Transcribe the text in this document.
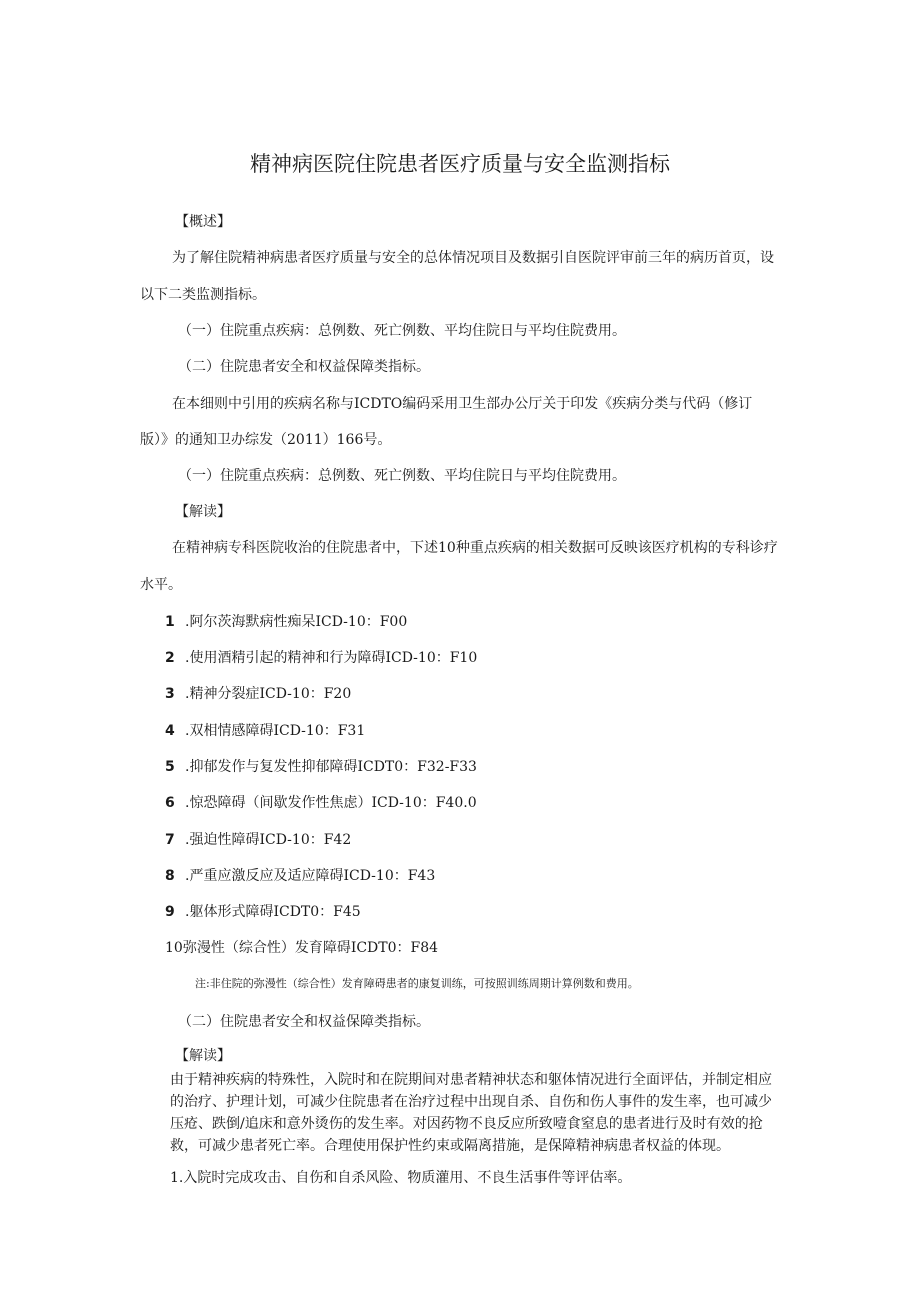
精神病医院住院患者医疗质量与安全监测指标
【概述】
为了解住院精神病患者医疗质量与安全的总体情况项目及数据引自医院评审前三年的病历首页，设
以下二类监测指标。
（一）住院重点疾病：总例数、死亡例数、平均住院日与平均住院费用。
（二）住院患者安全和权益保障类指标。
在本细则中引用的疾病名称与ICDTO编码采用卫生部办公厅关于印发《疾病分类与代码（修订
版）》的通知卫办综发（2011）166号。
（一）住院重点疾病：总例数、死亡例数、平均住院日与平均住院费用。
【解读】
在精神病专科医院收治的住院患者中，下述10种重点疾病的相关数据可反映该医疗机构的专科诊疗
水平。
1 .阿尔茨海默病性痴呆ICD-10：F00
2 .使用酒精引起的精神和行为障碍ICD-10：F10
3 .精神分裂症ICD-10：F20
4 .双相情感障碍ICD-10：F31
5 .抑郁发作与复发性抑郁障碍ICDT0：F32-F33
6 .惊恐障碍（间歇发作性焦虑）ICD-10：F40.0
7 .强迫性障碍ICD-10：F42
8 .严重应激反应及适应障碍ICD-10：F43
9 .躯体形式障碍ICDT0：F45
10弥漫性（综合性）发育障碍ICDT0：F84
注:非住院的弥漫性（综合性）发育障碍患者的康复训练，可按照训练周期计算例数和费用。
（二）住院患者安全和权益保障类指标。
【解读】
由于精神疾病的特殊性，入院时和在院期间对患者精神状态和躯体情况进行全面评估，并制定相应
的治疗、护理计划，可减少住院患者在治疗过程中出现自杀、自伤和伤人事件的发生率，也可减少
压疮、跌倒/追床和意外烫伤的发生率。对因药物不良反应所致噎食窒息的患者进行及时有效的抢
救，可减少患者死亡率。合理使用保护性约束或隔离措施，是保障精神病患者权益的体现。
1.入院时完成攻击、自伤和自杀风险、物质灌用、不良生活事件等评估率。
